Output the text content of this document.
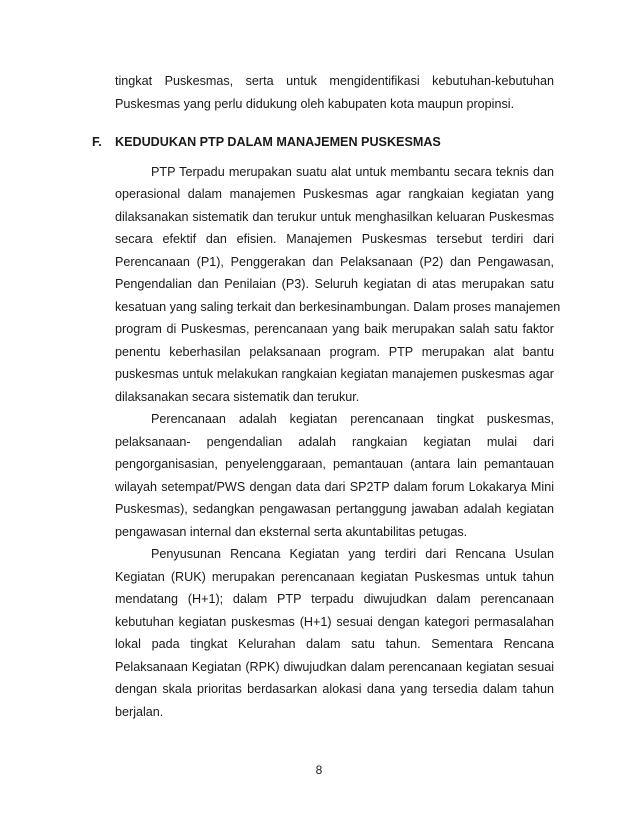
tingkat Puskesmas, serta untuk mengidentifikasi kebutuhan-kebutuhan
Puskesmas yang perlu didukung oleh kabupaten kota maupun propinsi.
F. KEDUDUKAN PTP DALAM MANAJEMEN PUSKESMAS
PTP Terpadu merupakan suatu alat untuk membantu secara teknis dan
operasional dalam manajemen Puskesmas agar rangkaian kegiatan yang
dilaksanakan sistematik dan terukur untuk menghasilkan keluaran Puskesmas
secara efektif dan efisien. Manajemen Puskesmas tersebut terdiri dari
Perencanaan (P1), Penggerakan dan Pelaksanaan (P2) dan Pengawasan,
Pengendalian dan Penilaian (P3). Seluruh kegiatan di atas merupakan satu
kesatuan yang saling terkait dan berkesinambungan. Dalam proses manajemen
program di Puskesmas, perencanaan yang baik merupakan salah satu faktor
penentu keberhasilan pelaksanaan program. PTP merupakan alat bantu
puskesmas untuk melakukan rangkaian kegiatan manajemen puskesmas agar
dilaksanakan secara sistematik dan terukur.
Perencanaan adalah kegiatan perencanaan tingkat puskesmas,
pelaksanaan- pengendalian adalah rangkaian kegiatan mulai dari
pengorganisasian, penyelenggaraan, pemantauan (antara lain pemantauan
wilayah setempat/PWS dengan data dari SP2TP dalam forum Lokakarya Mini
Puskesmas), sedangkan pengawasan pertanggung jawaban adalah kegiatan
pengawasan internal dan eksternal serta akuntabilitas petugas.
Penyusunan Rencana Kegiatan yang terdiri dari Rencana Usulan
Kegiatan (RUK) merupakan perencanaan kegiatan Puskesmas untuk tahun
mendatang (H+1); dalam PTP terpadu diwujudkan dalam perencanaan
kebutuhan kegiatan puskesmas (H+1) sesuai dengan kategori permasalahan
lokal pada tingkat Kelurahan dalam satu tahun. Sementara Rencana
Pelaksanaan Kegiatan (RPK) diwujudkan dalam perencanaan kegiatan sesuai
dengan skala prioritas berdasarkan alokasi dana yang tersedia dalam tahun
berjalan.
8
